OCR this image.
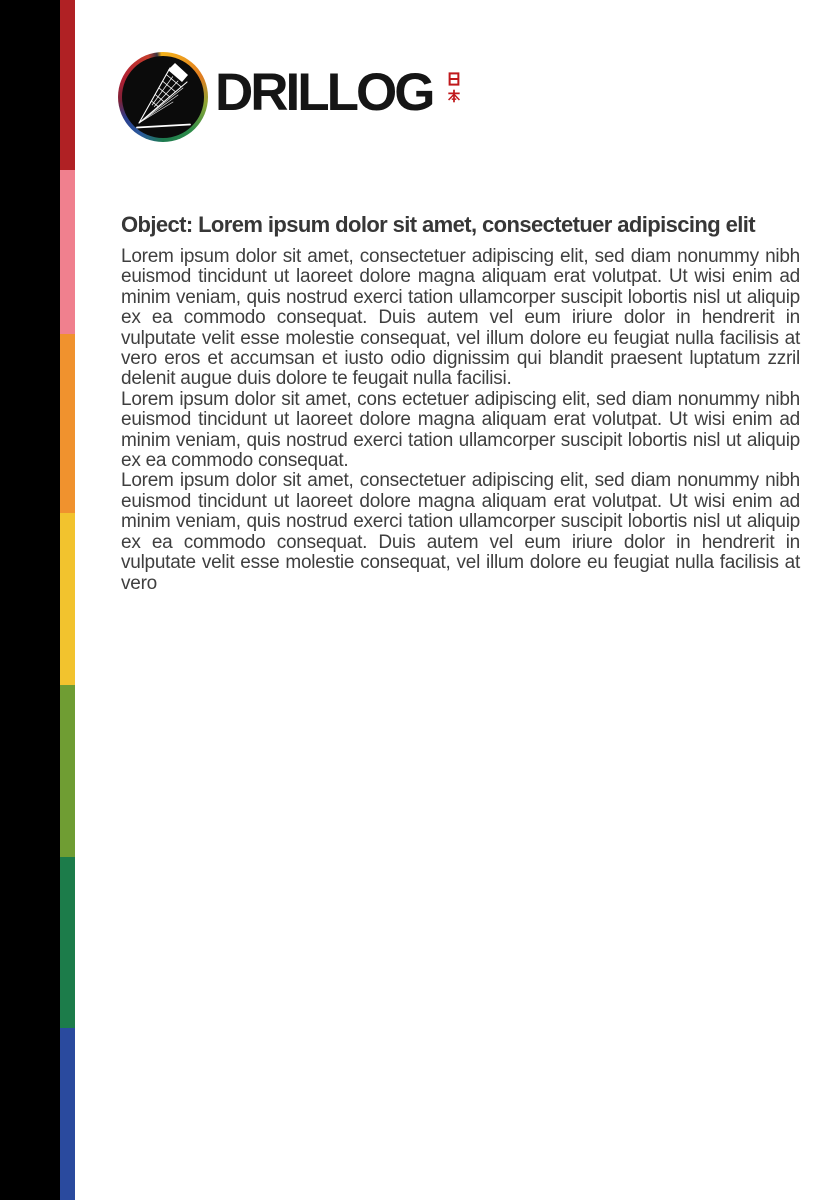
DRILLOG
Object: Lorem ipsum dolor sit amet, consectetuer adipiscing elit

Lorem ipsum dolor sit amet, consectetuer adipiscing elit, sed diam nonummy nibh euismod tincidunt ut laoreet dolore magna aliquam erat volutpat. Ut wisi enim ad minim veniam, quis nostrud exerci tation ullamcorper suscipit lobortis nisl ut aliquip ex ea commodo consequat. Duis autem vel eum iriure dolor in hendrerit in vulputate velit esse molestie consequat, vel illum dolore eu feugiat nulla facilisis at vero eros et accumsan et iusto odio dignissim qui blandit praesent luptatum zzril delenit augue duis dolore te feugait nulla facilisi.

Lorem ipsum dolor sit amet, cons ectetuer adipiscing elit, sed diam nonummy nibh euismod tincidunt ut laoreet dolore magna aliquam erat volutpat. Ut wisi enim ad minim veniam, quis nostrud exerci tation ullamcorper suscipit lobortis nisl ut aliquip ex ea commodo consequat.

Lorem ipsum dolor sit amet, consectetuer adipiscing elit, sed diam nonummy nibh euismod tincidunt ut laoreet dolore magna aliquam erat volutpat. Ut wisi enim ad minim veniam, quis nostrud exerci tation ullamcorper suscipit lobortis nisl ut aliquip ex ea commodo consequat. Duis autem vel eum iriure dolor in hendrerit in vulputate velit esse molestie consequat, vel illum dolore eu feugiat nulla facilisis at vero
